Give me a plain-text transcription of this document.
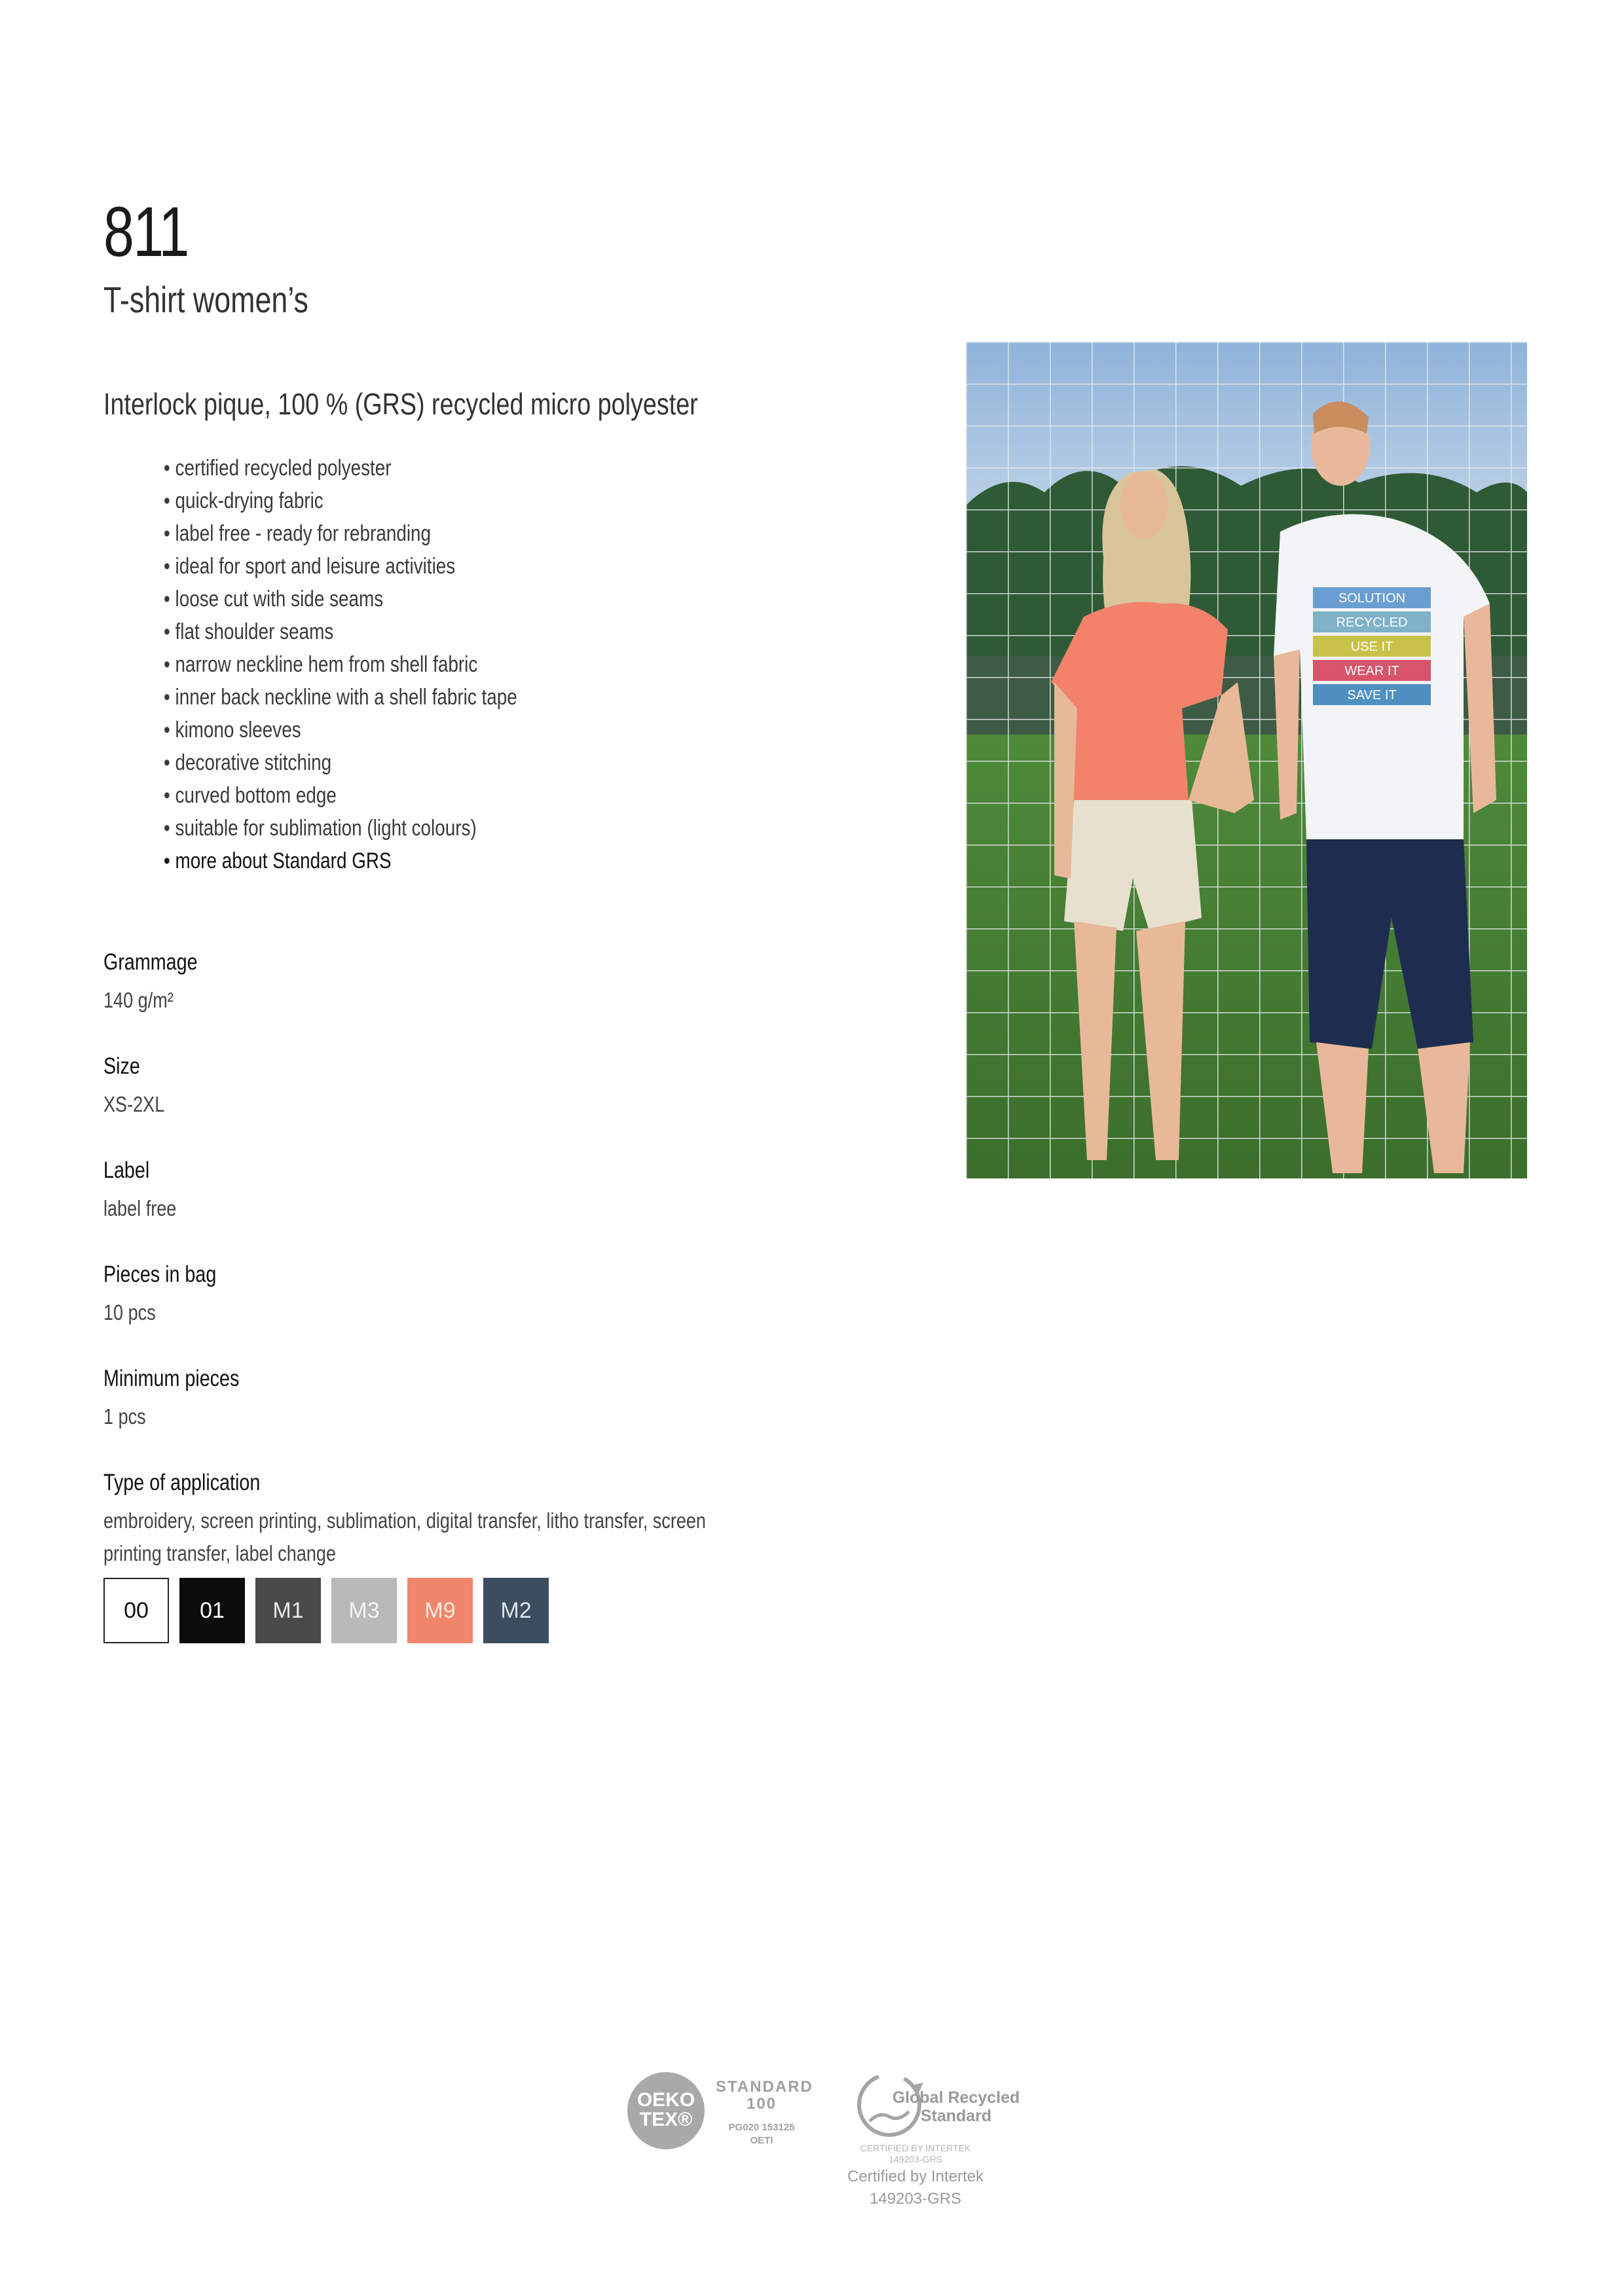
811
T-shirt women’s
Interlock pique, 100 % (GRS) recycled micro polyester
• certified recycled polyester
• quick-drying fabric
• label free - ready for rebranding
• ideal for sport and leisure activities
• loose cut with side seams
• flat shoulder seams
• narrow neckline hem from shell fabric
• inner back neckline with a shell fabric tape
• kimono sleeves
• decorative stitching
• curved bottom edge
• suitable for sublimation (light colours)
• more about Standard GRS
Grammage
140 g/m²
Size
XS-2XL
Label
label free
Pieces in bag
10 pcs
Minimum pieces
1 pcs
Type of application
embroidery, screen printing, sublimation, digital transfer, litho transfer, screen
printing transfer, label change
00	01	M1	M3	M9	M2
SOLUTION
RECYCLED
USE IT
WEAR IT
SAVE IT
OEKO
TEX®
STANDARD
100
PG020 153125
OETI
Global Recycled
Standard
CERTIFIED BY INTERTEK
149203-GRS
Certified by Intertek
149203-GRS
